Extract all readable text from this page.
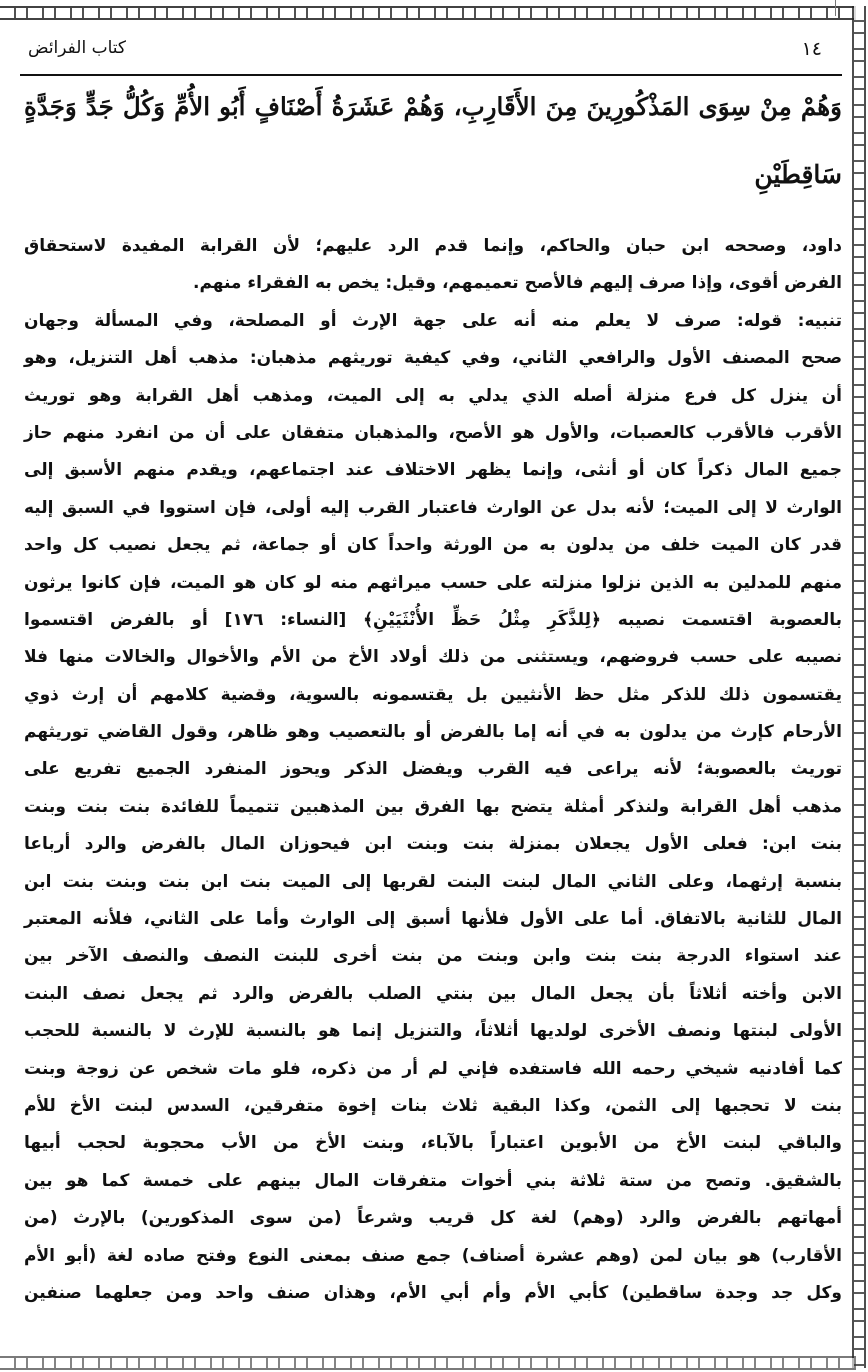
كتاب الفرائض	١٤
وَهُمْ مِنْ سِوَى المَذْكُورِينَ مِنَ الأَقَارِبِ، وَهُمْ عَشَرَةُ أَصْنَافٍ أَبُو الأُمِّ وَكُلُّ جَدٍّ وَجَدَّةٍ
سَاقِطَيْنِ
داود، وصححه ابن حبان والحاكم، وإنما قدم الرد عليهم؛ لأن القرابة المفيدة لاستحقاق
الفرض أقوى، وإذا صرف إليهم فالأصح تعميمهم، وقيل: يخص به الفقراء منهم.
تنبيه: قوله: صرف لا يعلم منه أنه على جهة الإرث أو المصلحة، وفي المسألة وجهان
صحح المصنف الأول والرافعي الثاني، وفي كيفية توريثهم مذهبان: مذهب أهل التنزيل، وهو
أن ينزل كل فرع منزلة أصله الذي يدلي به إلى الميت، ومذهب أهل القرابة وهو توريث
الأقرب فالأقرب كالعصبات، والأول هو الأصح، والمذهبان متفقان على أن من انفرد منهم حاز
جميع المال ذكراً كان أو أنثى، وإنما يظهر الاختلاف عند اجتماعهم، ويقدم منهم الأسبق إلى
الوارث لا إلى الميت؛ لأنه بدل عن الوارث فاعتبار القرب إليه أولى، فإن استووا في السبق إليه
قدر كان الميت خلف من يدلون به من الورثة واحداً كان أو جماعة، ثم يجعل نصيب كل واحد
منهم للمدلين به الذين نزلوا منزلته على حسب ميراثهم منه لو كان هو الميت، فإن كانوا يرثون
بالعصوبة اقتسمت نصيبه ﴿لِلذَّكَرِ مِثْلُ حَظِّ الأُنْثَيَيْنِ﴾ [النساء: ١٧٦] أو بالفرض اقتسموا
نصيبه على حسب فروضهم، ويستثنى من ذلك أولاد الأخ من الأم والأخوال والخالات منها فلا
يقتسمون ذلك للذكر مثل حظ الأنثيين بل يقتسمونه بالسوية، وقضية كلامهم أن إرث ذوي
الأرحام كإرث من يدلون به في أنه إما بالفرض أو بالتعصيب وهو ظاهر، وقول القاضي توريثهم
توريث بالعصوبة؛ لأنه يراعى فيه القرب ويفضل الذكر ويحوز المنفرد الجميع تفريع على
مذهب أهل القرابة ولنذكر أمثلة يتضح بها الفرق بين المذهبين تتميماً للفائدة بنت بنت وبنت
بنت ابن: فعلى الأول يجعلان بمنزلة بنت وبنت ابن فيحوزان المال بالفرض والرد أرباعا
بنسبة إرثهما، وعلى الثاني المال لبنت البنت لقربها إلى الميت بنت ابن بنت وبنت بنت ابن
المال للثانية بالاتفاق. أما على الأول فلأنها أسبق إلى الوارث وأما على الثاني، فلأنه المعتبر
عند استواء الدرجة بنت بنت وابن وبنت من بنت أخرى للبنت النصف والنصف الآخر بين
الابن وأخته أثلاثاً بأن يجعل المال بين بنتي الصلب بالفرض والرد ثم يجعل نصف البنت
الأولى لبنتها ونصف الأخرى لولديها أثلاثاً، والتنزيل إنما هو بالنسبة للإرث لا بالنسبة للحجب
كما أفادنيه شيخي رحمه الله فاستفده فإني لم أر من ذكره، فلو مات شخص عن زوجة وبنت
بنت لا تحجبها إلى الثمن، وكذا البقية ثلاث بنات إخوة متفرقين، السدس لبنت الأخ للأم
والباقي لبنت الأخ من الأبوين اعتباراً بالآباء، وبنت الأخ من الأب محجوبة لحجب أبيها
بالشقيق. وتصح من ستة ثلاثة بني أخوات متفرقات المال بينهم على خمسة كما هو بين
أمهاتهم بالفرض والرد (وهم) لغة كل قريب وشرعاً (من سوى المذكورين) بالإرث (من
الأقارب) هو بيان لمن (وهم عشرة أصناف) جمع صنف بمعنى النوع وفتح صاده لغة (أبو الأم
وكل جد وجدة ساقطين) كأبي الأم وأم أبي الأم، وهذان صنف واحد ومن جعلهما صنفين
